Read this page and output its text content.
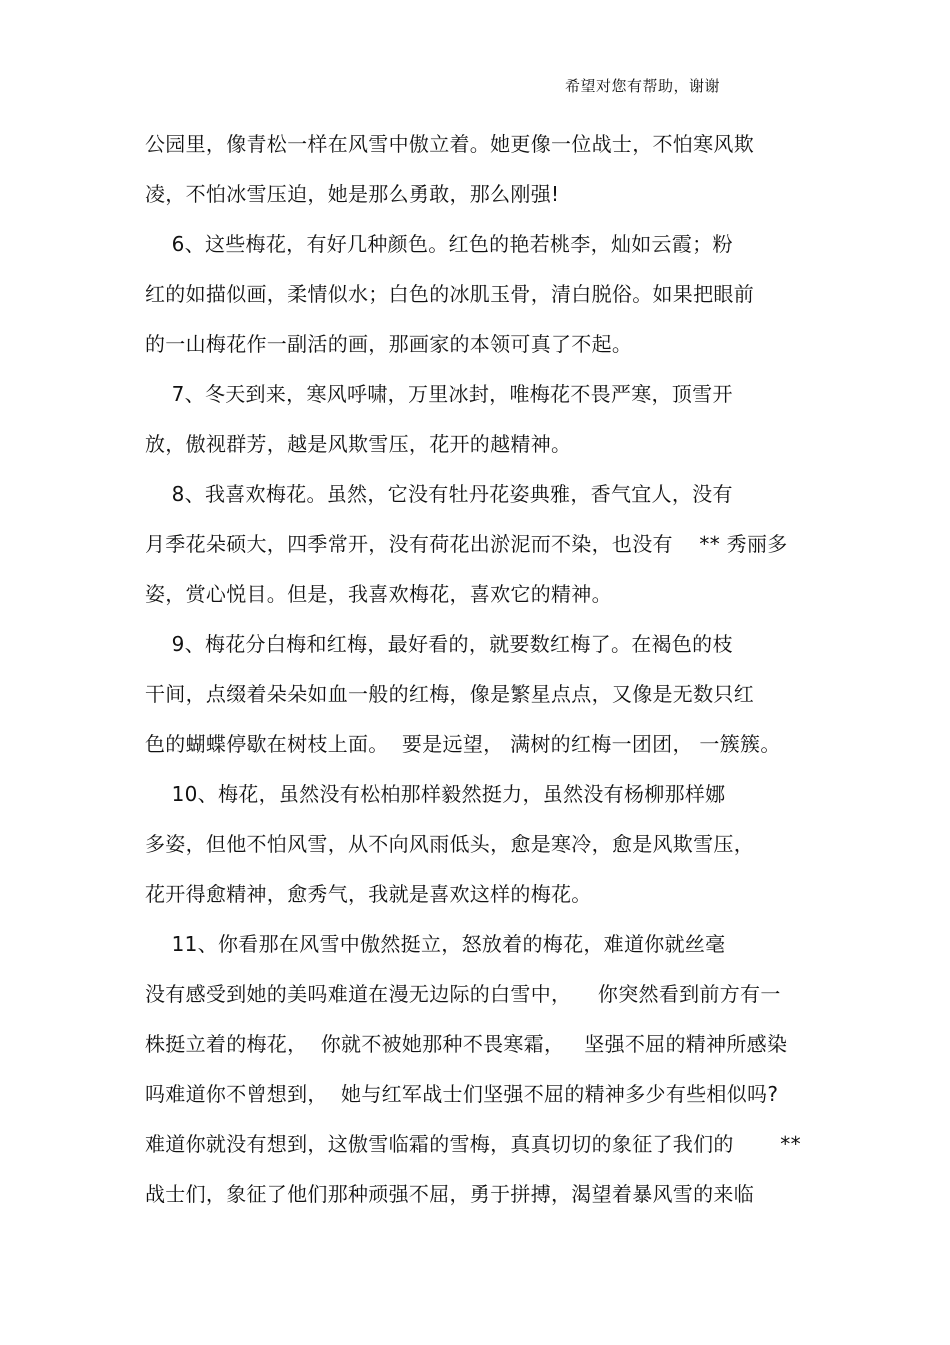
希望对您有帮助，谢谢
公园里，像青松一样在风雪中傲立着。她更像一位战士，不怕寒风欺
凌，不怕冰雪压迫，她是那么勇敢，那么刚强!
6、这些梅花，有好几种颜色。红色的艳若桃李，灿如云霞；粉
红的如描似画，柔情似水；白色的冰肌玉骨，清白脱俗。如果把眼前
的一山梅花作一副活的画，那画家的本领可真了不起。
7、冬天到来，寒风呼啸，万里冰封，唯梅花不畏严寒，顶雪开
放，傲视群芳，越是风欺雪压，花开的越精神。
8、我喜欢梅花。虽然，它没有牡丹花姿典雅，香气宜人，没有
月季花朵硕大，四季常开，没有荷花出淤泥而不染，也没有    ** 秀丽多
姿，赏心悦目。但是，我喜欢梅花，喜欢它的精神。
9、梅花分白梅和红梅，最好看的，就要数红梅了。在褐色的枝
干间，点缀着朵朵如血一般的红梅，像是繁星点点，又像是无数只红
色的蝴蝶停歇在树枝上面。  要是远望， 满树的红梅一团团， 一簇簇。
10、梅花，虽然没有松柏那样毅然挺力，虽然没有杨柳那样娜
多姿，但他不怕风雪，从不向风雨低头，愈是寒冷，愈是风欺雪压，
花开得愈精神，愈秀气，我就是喜欢这样的梅花。
11、你看那在风雪中傲然挺立，怒放着的梅花，难道你就丝毫
没有感受到她的美吗难道在漫无边际的白雪中，    你突然看到前方有一
株挺立着的梅花，  你就不被她那种不畏寒霜，   坚强不屈的精神所感染
吗难道你不曾想到，  她与红军战士们坚强不屈的精神多少有些相似吗?
难道你就没有想到，这傲雪临霜的雪梅，真真切切的象征了我们的       **
战士们，象征了他们那种顽强不屈，勇于拼搏，渴望着暴风雪的来临
